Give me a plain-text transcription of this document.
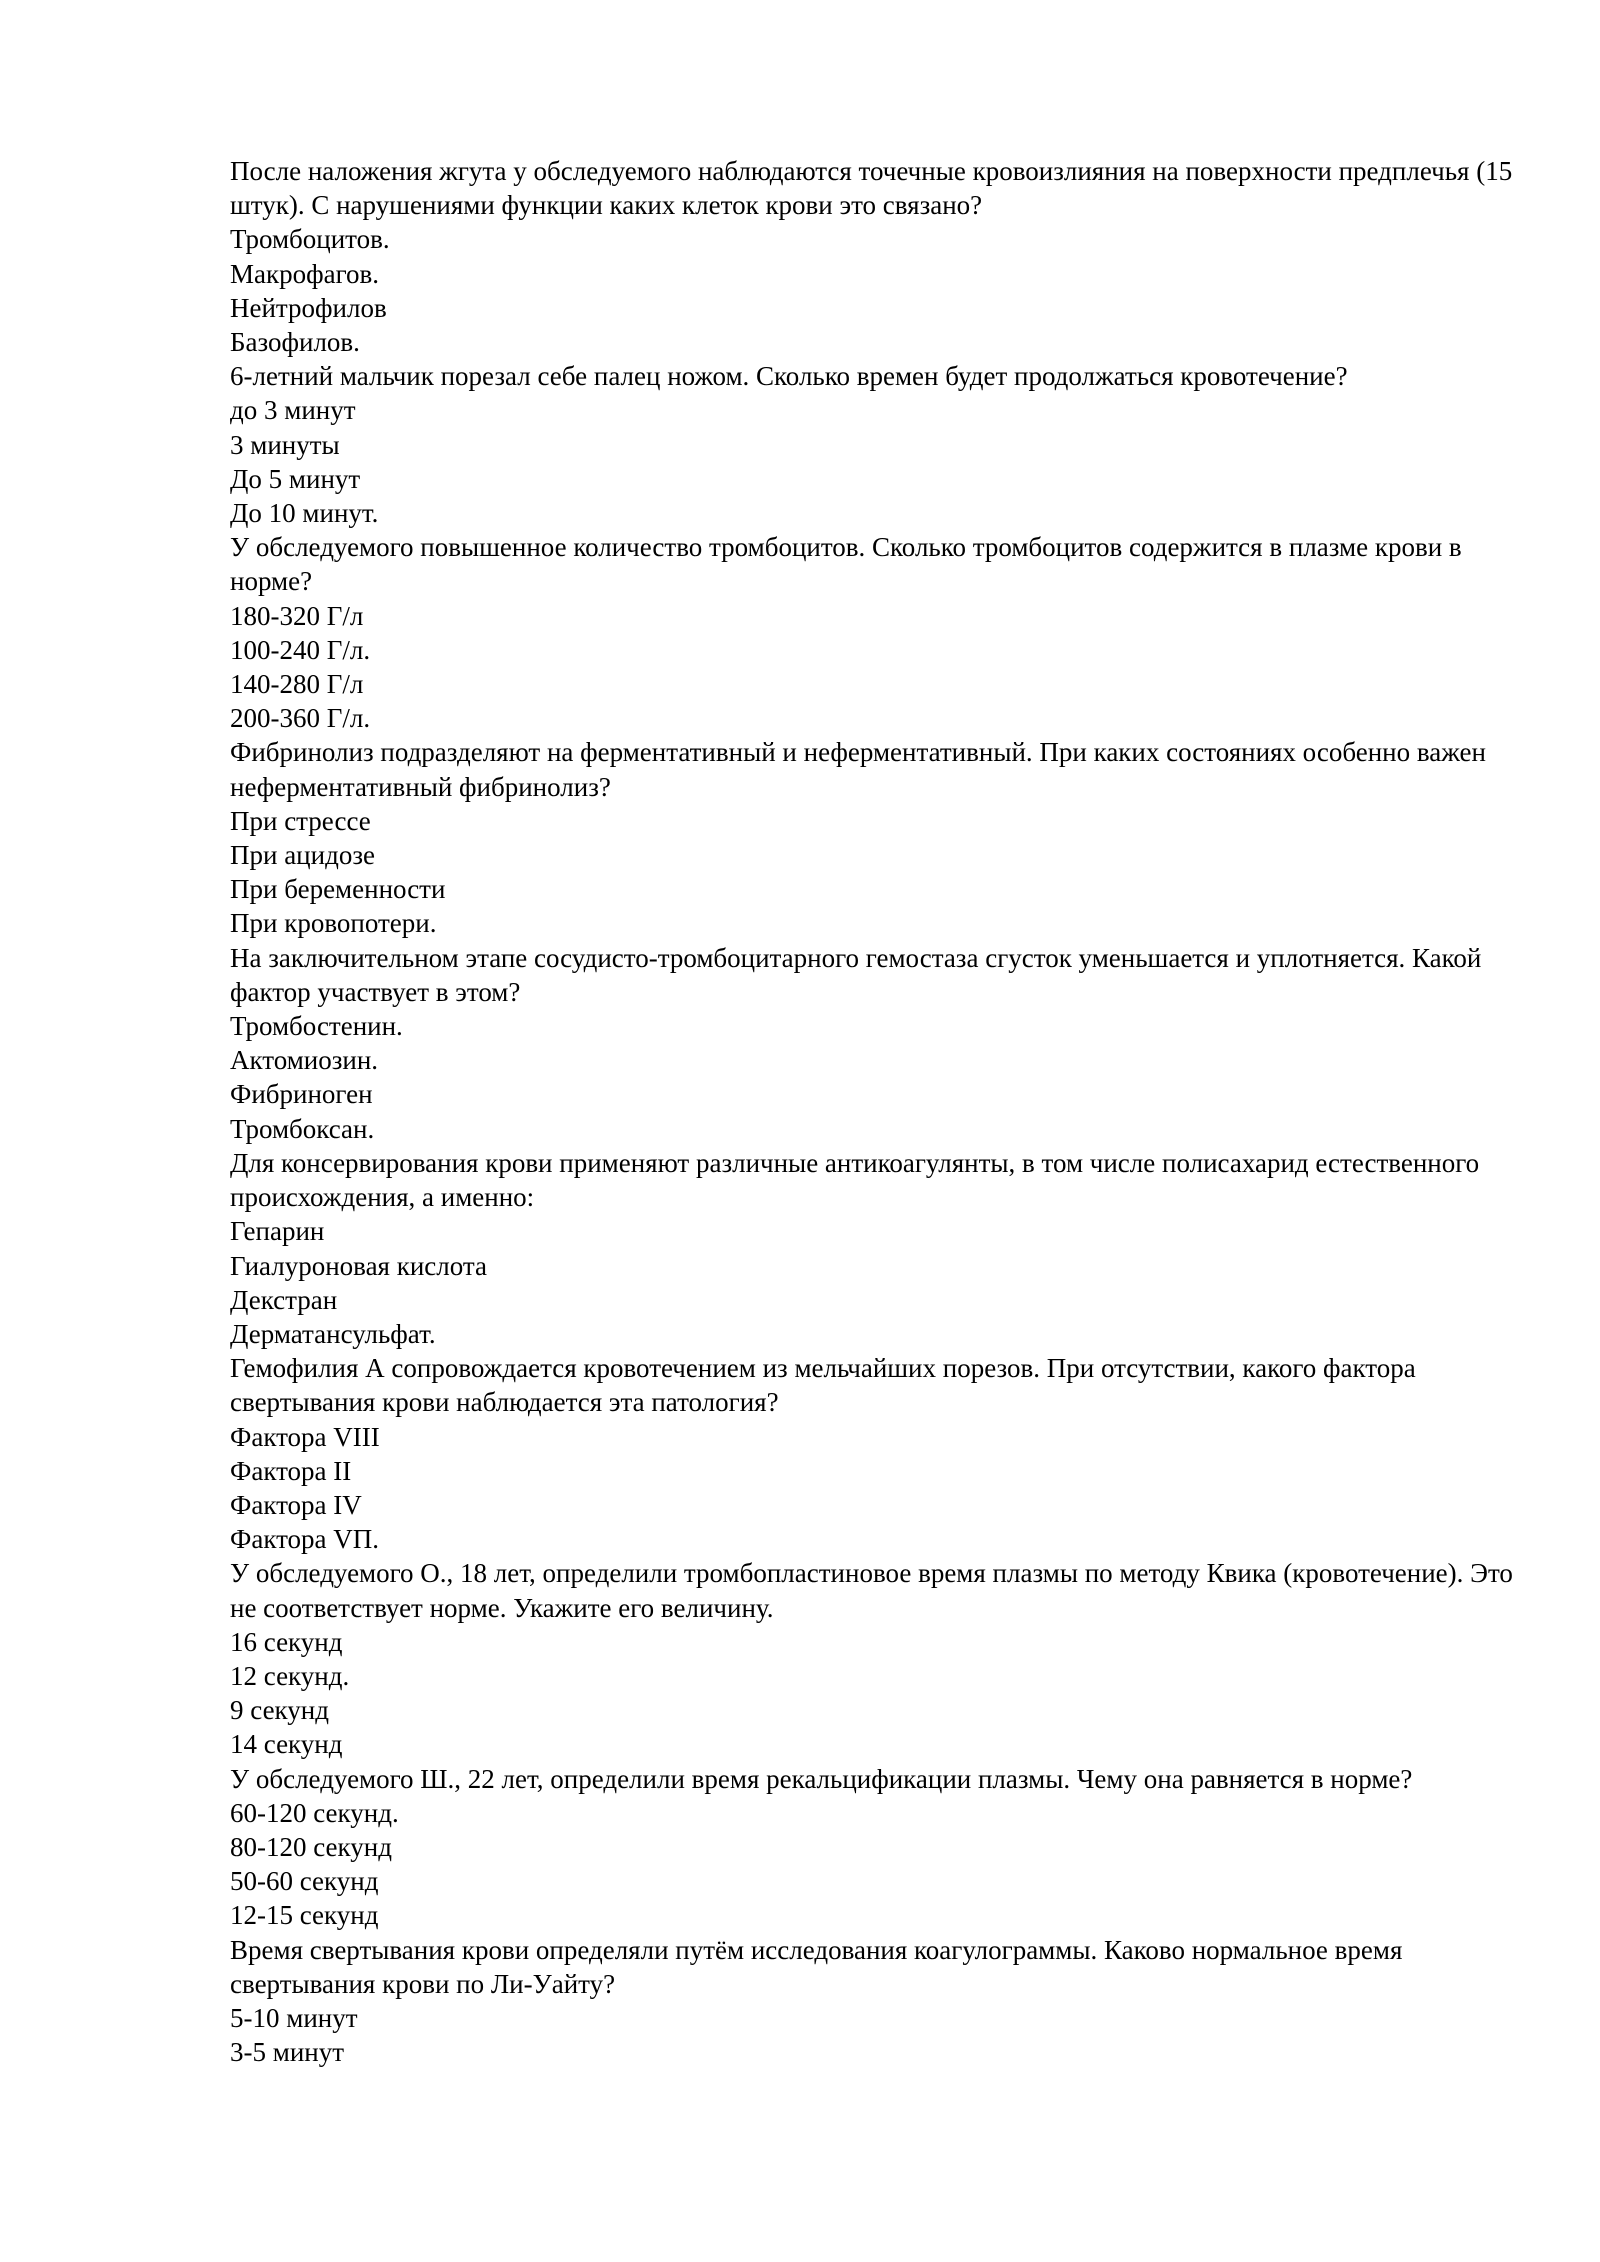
После наложения жгута у обследуемого наблюдаются точечные кровоизлияния на поверхности предплечья (15 штук). С нарушениями функции каких клеток крови это связано?

Тромбоцитов.
Макрофагов.
Нейтрофилов
Базофилов.

6-летний мальчик порезал себе палец ножом. Сколько времен будет продолжаться кровотечение?

до 3 минут
3 минуты
До 5 минут
До 10 минут.

У обследуемого повышенное количество тромбоцитов. Сколько тромбоцитов содержится в плазме крови в норме?

180-320 Г/л
100-240 Г/л.
140-280 Г/л
200-360 Г/л.

Фибринолиз подразделяют на ферментативный и неферментативный. При каких состояниях особенно важен неферментативный фибринолиз?

При стрессе
При ацидозе
При беременности
При кровопотери.

На заключительном этапе сосудисто-тромбоцитарного гемостаза сгусток уменьшается и уплотняется. Какой фактор участвует в этом?

Тромбостенин.
Актомиозин.
Фибриноген
Тромбоксан.

Для консервирования крови применяют различные антикоагулянты, в том числе полисахарид естественного происхождения, а именно:

Гепарин
Гиалуроновая кислота
Декстран
Дерматансульфат.

Гемофилия А сопровождается кровотечением из мельчайших порезов. При отсутствии, какого фактора свертывания крови наблюдается эта патология?

Фактора VIII
Фактора II
Фактора IV
Фактора VП.

У обследуемого О., 18 лет, определили тромбопластиновое время плазмы по методу Квика (кровотечение). Это не соответствует норме. Укажите его величину.

16 секунд
12 секунд.
9 секунд
14 секунд

У обследуемого Ш., 22 лет, определили время рекальцификации плазмы. Чему она равняется в норме?

60-120 секунд.
80-120 секунд
50-60 секунд
12-15 секунд

Время свертывания крови определяли путём исследования коагулограммы. Каково нормальное время свертывания крови по Ли-Уайту?

5-10 минут
3-5 минут
